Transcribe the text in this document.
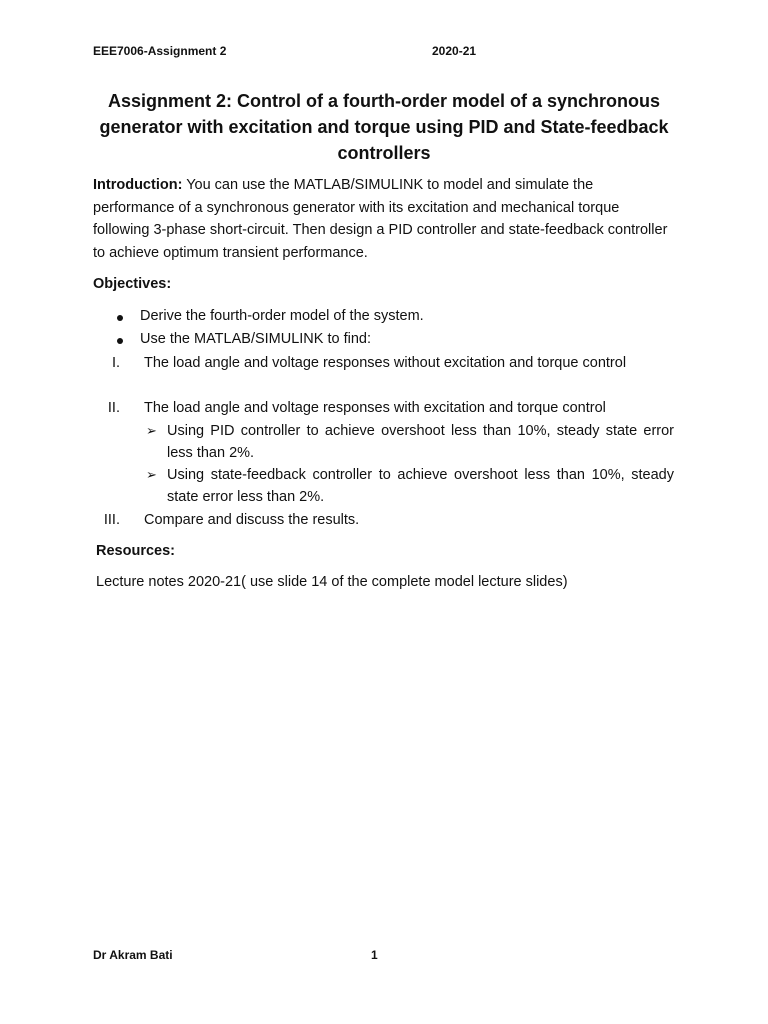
EEE7006-Assignment 2	2020-21
Assignment 2: Control of a fourth-order model of a synchronous generator with excitation and torque using PID and State-feedback controllers
Introduction: You can use the MATLAB/SIMULINK to model and simulate the performance of a synchronous generator with its excitation and mechanical torque following 3-phase short-circuit. Then design a PID controller and state-feedback controller to achieve optimum transient performance.
Objectives:
Derive the fourth-order model of the system.
Use the MATLAB/SIMULINK to find:
I. The load angle and voltage responses without excitation and torque control
II. The load angle and voltage responses with excitation and torque control
➢ Using PID controller to achieve overshoot less than 10%, steady state error less than 2%.
➢ Using state-feedback controller to achieve overshoot less than 10%, steady state error less than 2%.
III. Compare and discuss the results.
Resources:
Lecture notes 2020-21( use slide 14 of the complete model lecture slides)
Dr Akram Bati	1
